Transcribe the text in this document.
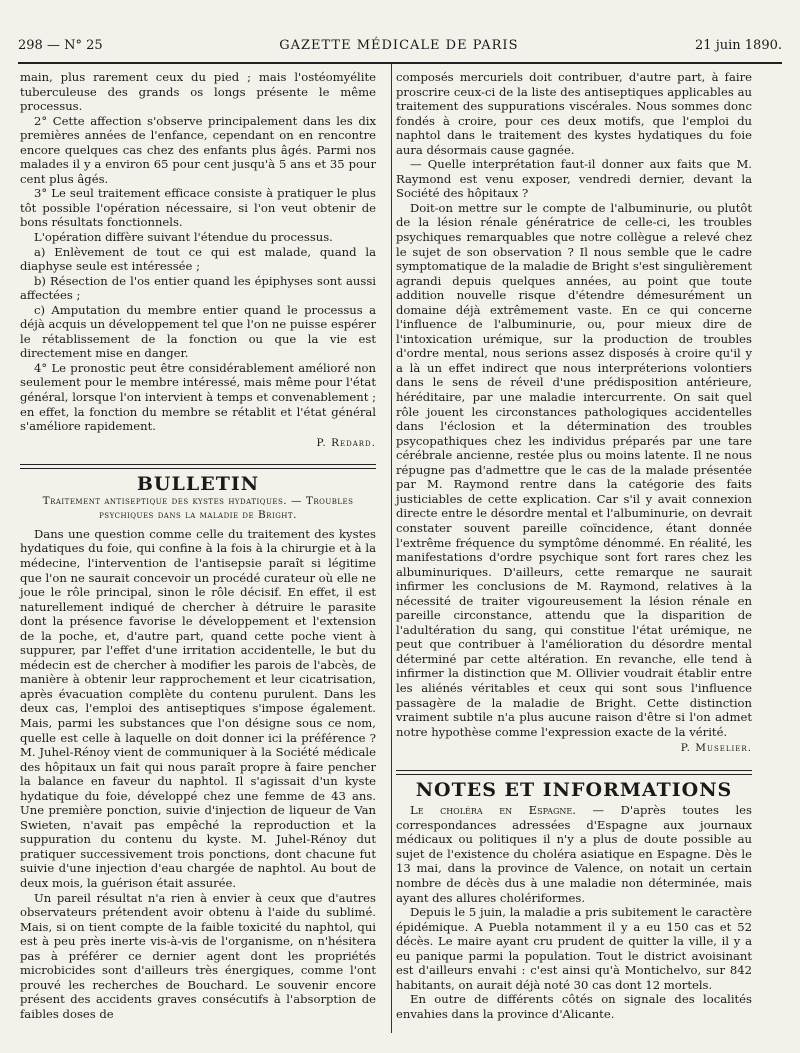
298 — N° 25	GAZETTE MÉDICALE DE PARIS	21 juin 1890.

main, plus rarement ceux du pied ; mais l'ostéomyélite tuberculeuse des grands os longs présente le même processus.

2° Cette affection s'observe principalement dans les dix premières années de l'enfance, cependant on en rencontre encore quelques cas chez des enfants plus âgés. Parmi nos malades il y a environ 65 pour cent jusqu'à 5 ans et 35 pour cent plus âgés.

3° Le seul traitement efficace consiste à pratiquer le plus tôt possible l'opération nécessaire, si l'on veut obtenir de bons résultats fonctionnels.

L'opération diffère suivant l'étendue du processus.

a) Enlèvement de tout ce qui est malade, quand la diaphyse seule est intéressée ;

b) Résection de l'os entier quand les épiphyses sont aussi affectées ;

c) Amputation du membre entier quand le processus a déjà acquis un développement tel que l'on ne puisse espérer le rétablissement de la fonction ou que la vie est directement mise en danger.

4° Le pronostic peut être considérablement amélioré non seulement pour le membre intéressé, mais même pour l'état général, lorsque l'on intervient à temps et convenablement ; en effet, la fonction du membre se rétablit et l'état général s'améliore rapidement.

P. Redard.
BULLETIN
Traitement antiseptique des kystes hydatiques. — Troubles psychiques dans la maladie de Bright.

Dans une question comme celle du traitement des kystes hydatiques du foie, qui confine à la fois à la chirurgie et à la médecine, l'intervention de l'antisepsie paraît si légitime que l'on ne saurait concevoir un procédé curateur où elle ne joue le rôle principal, sinon le rôle décisif. En effet, il est naturellement indiqué de chercher à détruire le parasite dont la présence favorise le développement et l'extension de la poche, et, d'autre part, quand cette poche vient à suppurer, par l'effet d'une irritation accidentelle, le but du médecin est de chercher à modifier les parois de l'abcès, de manière à obtenir leur rapprochement et leur cicatrisation, après évacuation complète du contenu purulent. Dans les deux cas, l'emploi des antiseptiques s'impose également. Mais, parmi les substances que l'on désigne sous ce nom, quelle est celle à laquelle on doit donner ici la préférence ? M. Juhel-Rénoy vient de communiquer à la Société médicale des hôpitaux un fait qui nous paraît propre à faire pencher la balance en faveur du naphtol. Il s'agissait d'un kyste hydatique du foie, développé chez une femme de 43 ans. Une première ponction, suivie d'injection de liqueur de Van Swieten, n'avait pas empêché la reproduction et la suppuration du contenu du kyste. M. Juhel-Rénoy dut pratiquer successivement trois ponctions, dont chacune fut suivie d'une injection d'eau chargée de naphtol. Au bout de deux mois, la guérison était assurée.

Un pareil résultat n'a rien à envier à ceux que d'autres observateurs prétendent avoir obtenu à l'aide du sublimé. Mais, si on tient compte de la faible toxicité du naphtol, qui est à peu près inerte vis-à-vis de l'organisme, on n'hésitera pas à préférer ce dernier agent dont les propriétés microbicides sont d'ailleurs très énergiques, comme l'ont prouvé les recherches de Bouchard. Le souvenir encore présent des accidents graves consécutifs à l'absorption de faibles doses de

composés mercuriels doit contribuer, d'autre part, à faire proscrire ceux-ci de la liste des antiseptiques applicables au traitement des suppurations viscérales. Nous sommes donc fondés à croire, pour ces deux motifs, que l'emploi du naphtol dans le traitement des kystes hydatiques du foie aura désormais cause gagnée.

— Quelle interprétation faut-il donner aux faits que M. Raymond est venu exposer, vendredi dernier, devant la Société des hôpitaux ?

Doit-on mettre sur le compte de l'albuminurie, ou plutôt de la lésion rénale génératrice de celle-ci, les troubles psychiques remarquables que notre collègue a relevé chez le sujet de son observation ? Il nous semble que le cadre symptomatique de la maladie de Bright s'est singulièrement agrandi depuis quelques années, au point que toute addition nouvelle risque d'étendre démesurément un domaine déjà extrêmement vaste. En ce qui concerne l'influence de l'albuminurie, ou, pour mieux dire de l'intoxication urémique, sur la production de troubles d'ordre mental, nous serions assez disposés à croire qu'il y a là un effet indirect que nous interpréterions volontiers dans le sens de réveil d'une prédisposition antérieure, héréditaire, par une maladie intercurrente. On sait quel rôle jouent les circonstances pathologiques accidentelles dans l'éclosion et la détermination des troubles psycopathiques chez les individus préparés par une tare cérébrale ancienne, restée plus ou moins latente. Il ne nous répugne pas d'admettre que le cas de la malade présentée par M. Raymond rentre dans la catégorie des faits justiciables de cette explication. Car s'il y avait connexion directe entre le désordre mental et l'albuminurie, on devrait constater souvent pareille coïncidence, étant donnée l'extrême fréquence du symptôme dénommé. En réalité, les manifestations d'ordre psychique sont fort rares chez les albuminuriques. D'ailleurs, cette remarque ne saurait infirmer les conclusions de M. Raymond, relatives à la nécessité de traiter vigoureusement la lésion rénale en pareille circonstance, attendu que la disparition de l'adultération du sang, qui constitue l'état urémique, ne peut que contribuer à l'amélioration du désordre mental déterminé par cette altération. En revanche, elle tend à infirmer la distinction que M. Ollivier voudrait établir entre les aliénés véritables et ceux qui sont sous l'influence passagère de la maladie de Bright. Cette distinction vraiment subtile n'a plus aucune raison d'être si l'on admet notre hypothèse comme l'expression exacte de la vérité.

P. Muselier.
NOTES ET INFORMATIONS

Le choléra en Espagne. — D'après toutes les correspondances adressées d'Espagne aux journaux médicaux ou politiques il n'y a plus de doute possible au sujet de l'existence du choléra asiatique en Espagne. Dès le 13 mai, dans la province de Valence, on notait un certain nombre de décès dus à une maladie non déterminée, mais ayant des allures cholériformes.

Depuis le 5 juin, la maladie a pris subitement le caractère épidémique. A Puebla notamment il y a eu 150 cas et 52 décès. Le maire ayant cru prudent de quitter la ville, il y a eu panique parmi la population. Tout le district avoisinant est d'ailleurs envahi : c'est ainsi qu'à Montichelvo, sur 842 habitants, on aurait déjà noté 30 cas dont 12 mortels.

En outre de différents côtés on signale des localités envahies dans la province d'Alicante.
